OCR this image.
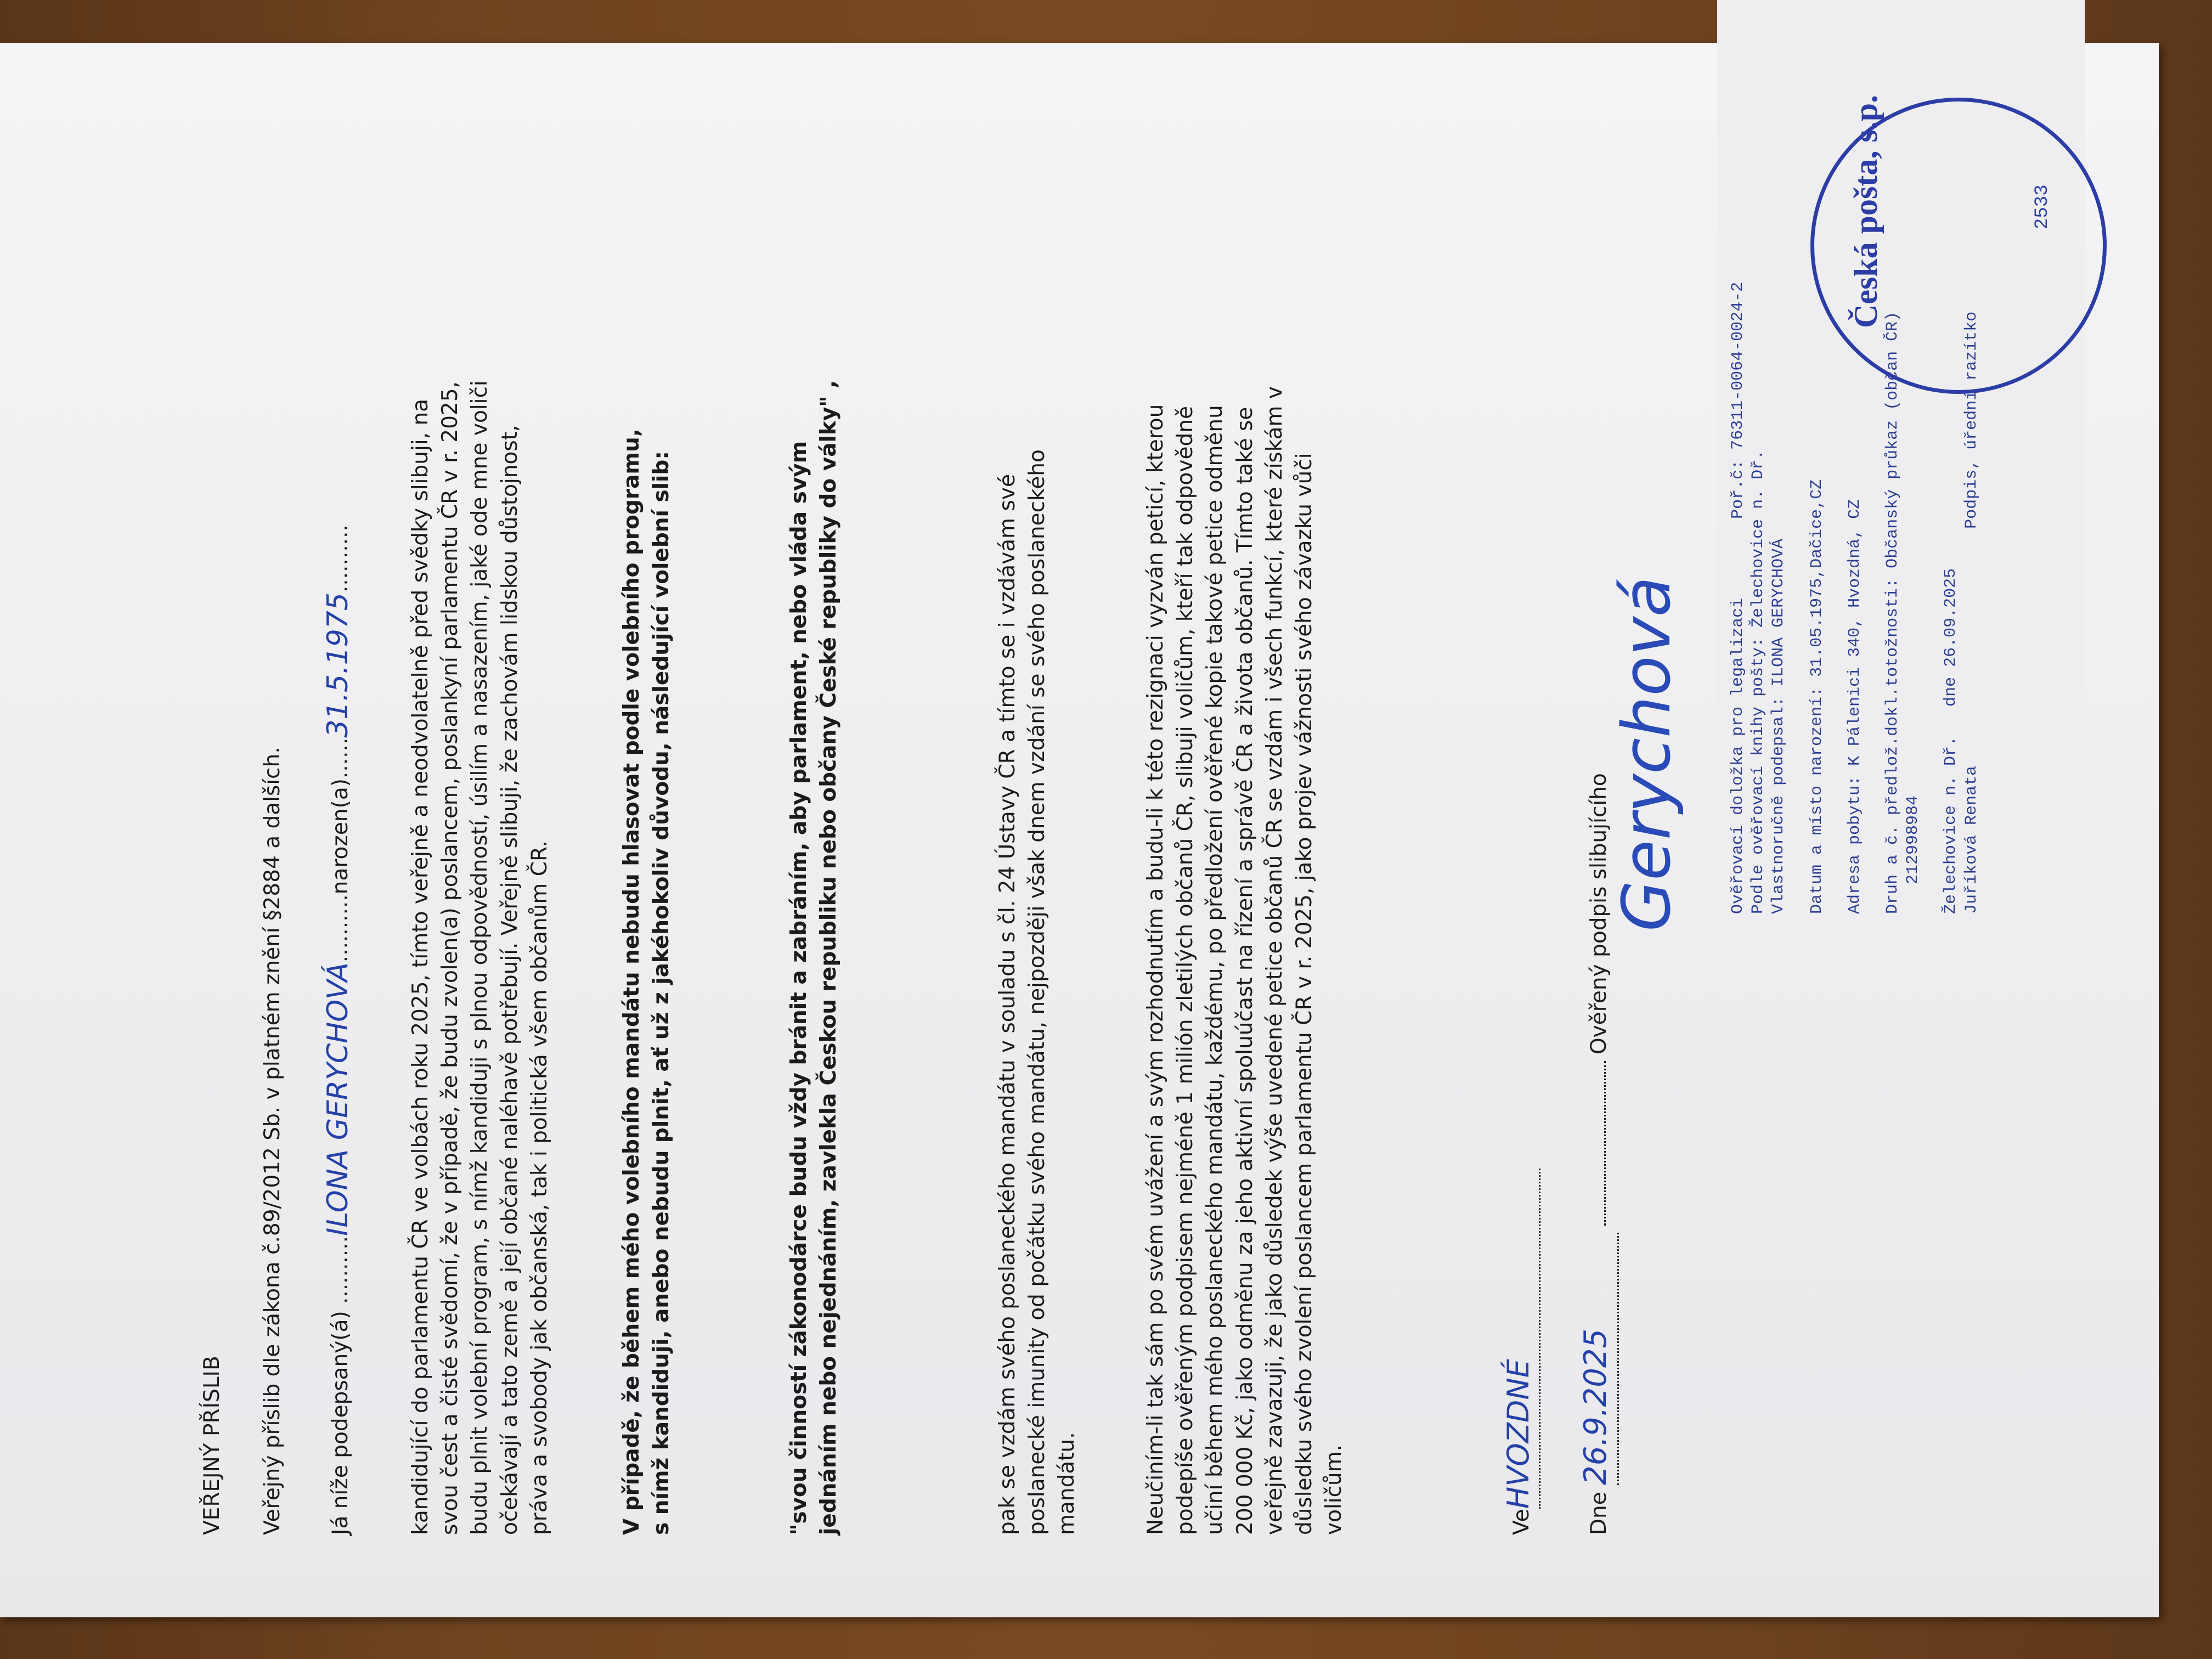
VEŘEJNÝ PŘÍSLIB Veřejný příslib dle zákona č.89/2012 Sb. v platném znění §2884 a dalších.	Já níže podepsaný(á) ..........ILONA GERYCHOVÁ..........narozen(a)......31.5.1975..........	kandidující do parlamentu ČR ve volbách roku 2025, tímto veřejně a neodvolatelně před svědky slibuji, na svou čest a čisté svědomí, že v případě, že budu zvolen(a) poslancem, poslankyní parlamentu ČR v r. 2025, budu plnit volební program, s nímž kandiduji s plnou odpovědností, úsilím a nasazením, jaké ode mne voliči očekávají a tato země a její občané naléhavě potřebují. Veřejně slibuji, že zachovám lidskou důstojnost, práva a svobody jak občanská, tak i politická všem občanům ČR.	V případě, že během mého volebního mandátu nebudu hlasovat podle volebního programu, s nímž kandiduji, anebo nebudu plnit, ať už z jakéhokoliv důvodu, následující volební slib:	"svou činností zákonodárce budu vždy bránit a zabráním, aby parlament, nebo vláda svým jednáním nebo nejednáním, zavlekla Českou republiku nebo občany České republiky do války" ,	pak se vzdám svého poslaneckého mandátu v souladu s čl. 24 Ústavy ČR a tímto se i vzdávám své poslanecké imunity od počátku svého mandátu, nejpozději však dnem vzdání se svého poslaneckého mandátu.	Neučiním-li tak sám po svém uvážení a svým rozhodnutím a budu-li k této rezignaci vyzván peticí, kterou podepíše ověřeným podpisem nejméně 1 milión zletilých občanů ČR, slibuji voličům, kteří tak odpovědně učiní během mého poslaneckého mandátu, každému, po předložení ověřené kopie takové petice odměnu 200 000 Kč, jako odměnu za jeho aktivní spoluúčast na řízení a správě ČR a života občanů. Tímto také se veřejně zavazuji, že jako důsledek výše uvedené petice občanů ČR se vzdám i všech funkcí, které získám v důsledku svého zvolení poslancem parlamentu ČR v r. 2025, jako projev vážnosti svého závazku vůči voličům.	VeHVOZDNÉ
Dne 26.9.2025  Ověřený podpis slibujícího
Gerychová	Ověřovací doložka pro legalizaci        Poř.č: 76311-0064-0024-2 Podle ověřovací knihy pošty: Želechovice n. Dř. Vlastnoručně podepsal: ILONA GERYCHOVÁ Datum a místo narození: 31.05.1975,Dačice,CZ Adresa pobytu: K Pálenici 340, Hvozdná, CZ Druh a č. předlož.dokl.totožnosti: Občanský průkaz (občan ČR) 212998984 Želechovice n. Dř.   dne 26.09.2025 Juříková Renata                        Podpis, úřední razítko

Česká pošta, s.p.	2533
